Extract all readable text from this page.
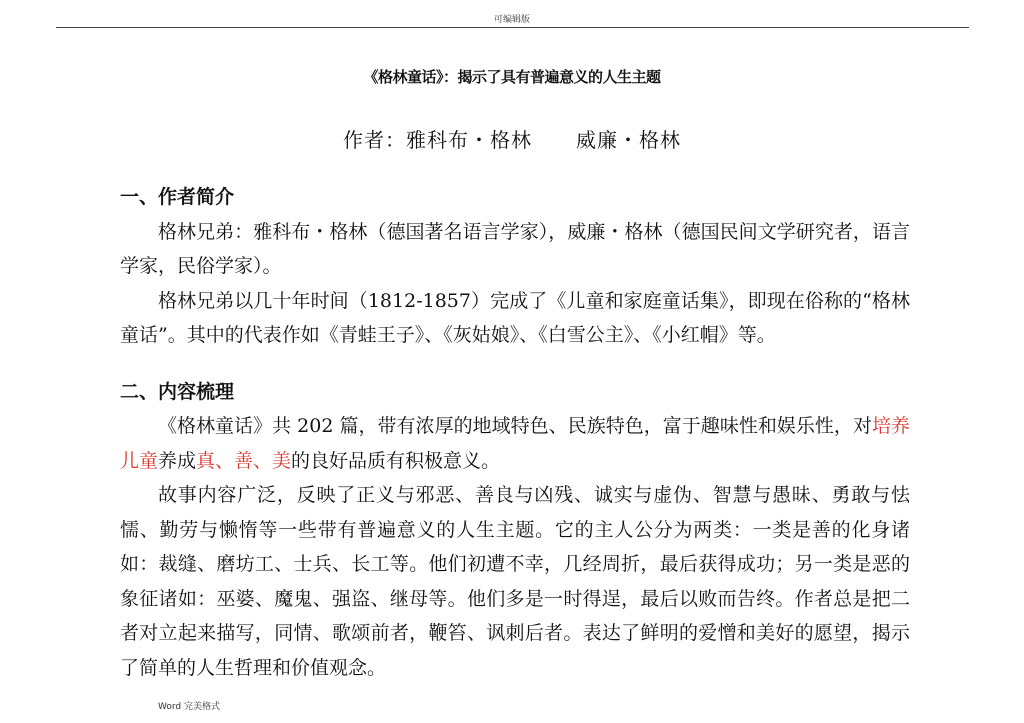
可编辑版
《格林童话》：揭示了具有普遍意义的人生主题
作者：雅科布・格林 威廉・格林

一、作者简介

格林兄弟：雅科布・格林（德国著名语言学家），威廉・格林（德国民间文学研究者，语言学家，民俗学家）。

格林兄弟以几十年时间（1812-1857）完成了《儿童和家庭童话集》，即现在俗称的“格林童话”。其中的代表作如《青蛙王子》、《灰姑娘》、《白雪公主》、《小红帽》等。

二、内容梳理

《格林童话》共 202 篇，带有浓厚的地域特色、民族特色，富于趣味性和娱乐性，对培养儿童养成真、善、美的良好品质有积极意义。

故事内容广泛，反映了正义与邪恶、善良与凶残、诚实与虚伪、智慧与愚昧、勇敢与怯懦、勤劳与懒惰等一些带有普遍意义的人生主题。它的主人公分为两类：一类是善的化身诸如：裁缝、磨坊工、士兵、长工等。他们初遭不幸，几经周折，最后获得成功；另一类是恶的象征诸如：巫婆、魔鬼、强盗、继母等。他们多是一时得逞，最后以败而告终。作者总是把二者对立起来描写，同情、歌颂前者，鞭笞、讽刺后者。表达了鲜明的爱憎和美好的愿望，揭示了简单的人生哲理和价值观念。

Word 完美格式
